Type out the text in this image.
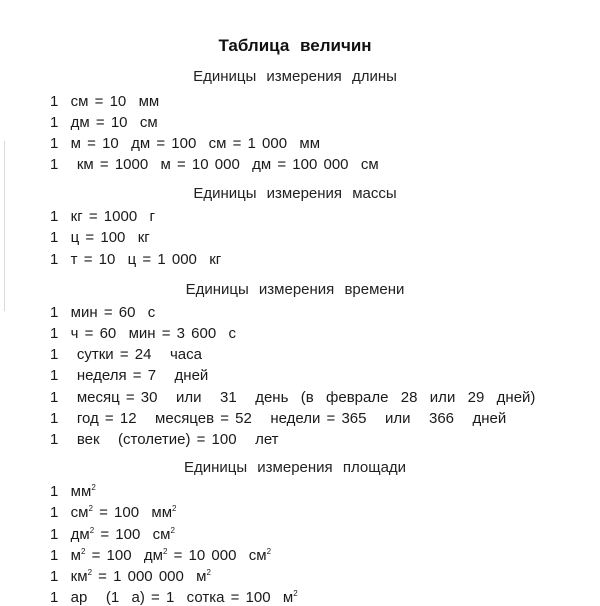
Таблица величин
Единицы измерения длины
1  см = 10  мм
1  дм = 10  см
1  м = 10  дм = 100  см = 1 000  мм
1   км = 1000  м = 10 000  дм = 100 000  см
Единицы измерения массы
1  кг = 1000  г
1  ц = 100  кг
1  т = 10  ц = 1 000  кг
Единицы измерения времени
1  мин = 60  с
1  ч = 60  мин = 3 600  с
1   сутки = 24   часа
1   неделя = 7   дней
1   месяц = 30   или   31   день  (в  феврале  28  или  29  дней)
1   год = 12   месяцев = 52   недели = 365   или   366   дней
1   век   (столетие) = 100   лет
Единицы измерения площади
1  $мм^2$
1  $см^2 = 100$  $мм^2$
1  $дм^2 = 100$  $см^2$
1  $м^2 = 100$  $дм^2 = 10$ 000  $см^2$
1  $км^2 = 1$ 000 000  $м^2$
1  ар   (1  а) = 1  сотка = 100  $м^2$
